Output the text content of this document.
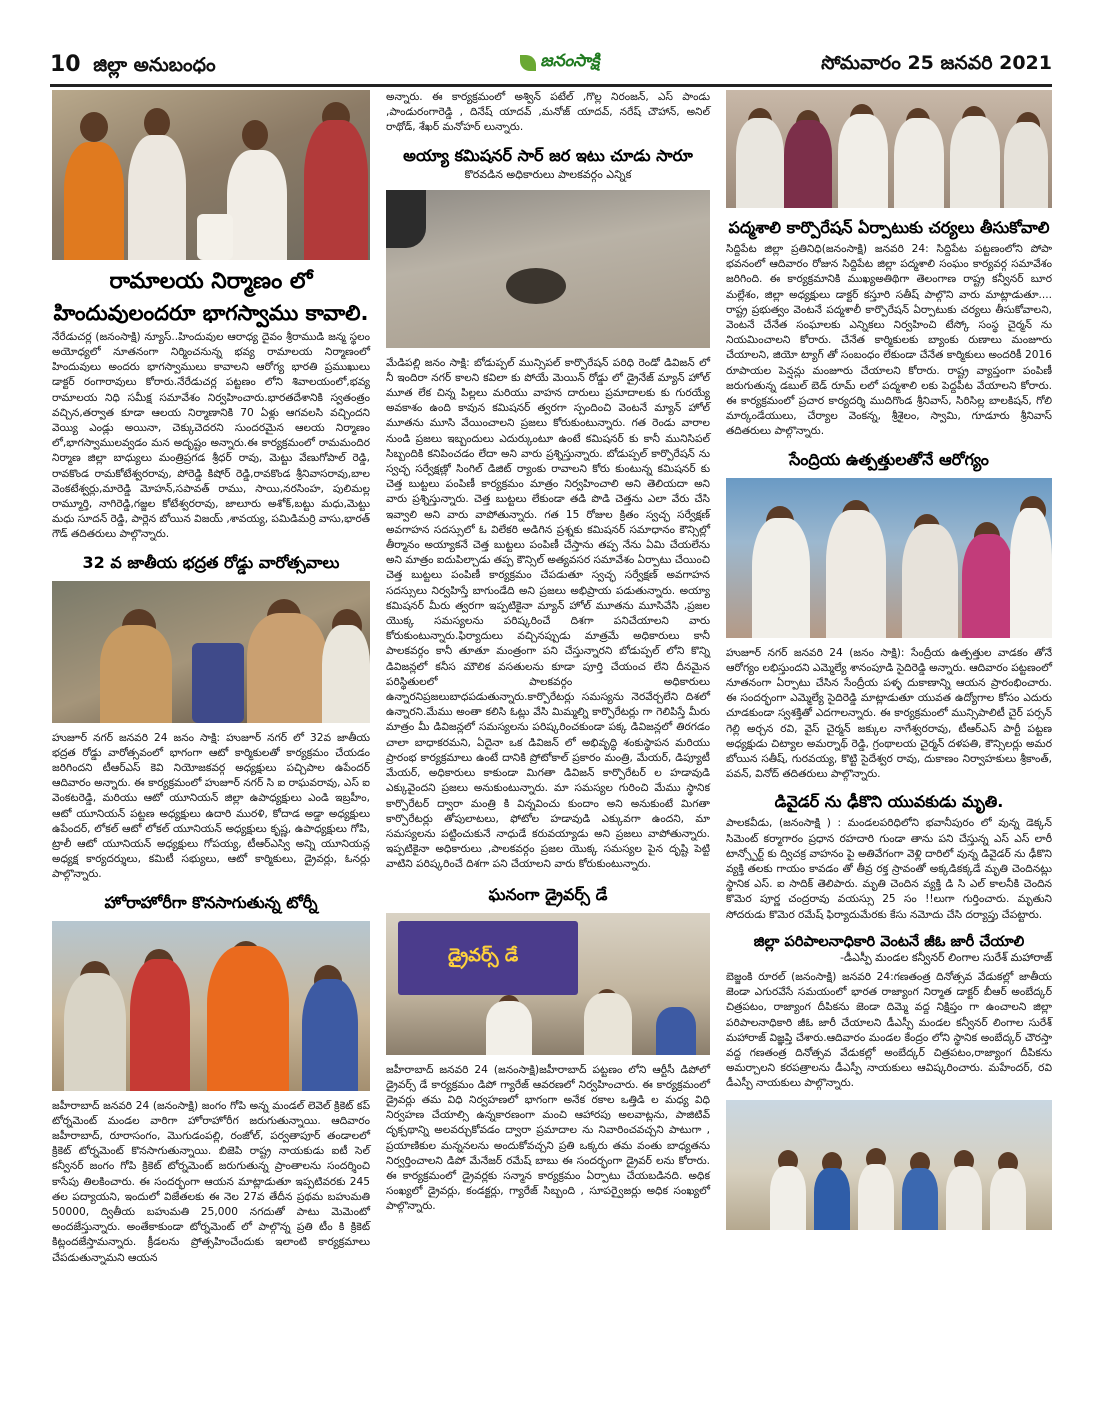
10 జిల్లా అనుబంధం	జనంసాక్షి	సోమవారం 25 జనవరి 2021
రామాలయ నిర్మాణం లో
హిందువులందరూ భాగస్వాము కావాలి.

నేరేడుచర్ల (జనంసాక్షి) న్యూస్..హిందువుల ఆరాధ్య దైవం శ్రీరాముడి జన్మ స్థలం అయోధ్యలో నూతనంగా నిర్మించనున్న భవ్య రామాలయ నిర్మాణంలో హిందువులు అందరు భాగస్వాములు కావాలని ఆరోగ్య భారతి ప్రముఖులు డాక్టర్ రంగారావులు కోరారు.నేరేడుచర్ల పట్టణం లోని శివాలయంలో,భవ్య రామాలయ నిధి సమీక్ష సమావేశం నిర్వహించారు.భారతదేశానికి స్వతంత్రం వచ్చిన,తర్వాత కూడా ఆలయ నిర్మాణానికి 70 ఏళ్లు ఆగవలసి వచ్చిందని వెయ్యి ఎండ్లు అయినా, చెక్కుచెదరని సుందరమైన ఆలయ నిర్మాణం లో,భాగస్వాములవ్వడం మన అదృష్టం అన్నారు.ఈ కార్యక్రమంలో రామమందిర నిర్మాణ జిల్లా బాధ్యులు మంత్రిప్రగడ శ్రీధర్ రావు, మెట్టు వేణుగోపాల్ రెడ్డి, రావకొండ రామకోటేశ్వరరావు, పోరెడ్డి కిషోర్ రెడ్డి,రావకొండ శ్రీనివాసరావు,బాల వెంకటేశ్వర్లు,మారెడ్డి మోహన్,సపావత్ రాము, సాయి,నరసింహ, పులిమల్ల రామ్మూర్తి, నాగిరెడ్డి,గజ్జల కోటేశ్వరరావు, జాలూరు అశోక్,బట్టు మధు,మెట్టు మధు సూదన్ రెడ్డి, పార్లెన బోయిన విజయ్ ,శావయ్య, పమిడిమర్రి వాసు,భారత్ గౌడ్ తదితరులు పాల్గొన్నారు.

32 వ జాతీయ భద్రత రోడ్డు వారోత్సవాలు

హుజూర్ నగర్ జనవరి 24 జనం సాక్షి: హుజూర్ నగర్ లో 32వ జాతీయ భద్రత రోడ్డు వారోత్సవంలో భాగంగా ఆటో కార్మికులతో కార్యక్రమం చేయడం జరిగిందని టీఆర్ఎస్ కెవి నియోజకవర్గ అధ్యక్షులు పచ్చిపాల ఉపేందర్ ఆదివారం అన్నారు. ఈ కార్యక్రమంలో హుజూర్ నగర్ సి ఐ రాఘవరావు, ఎస్ ఐ వెంకటరెడ్డి, మరియు ఆటో యూనియన్ జిల్లా ఉపాధ్యక్షులు ఎండి ఇబ్రహీం, ఆటో యూనియన్ పట్టణ అధ్యక్షులు ఉదారి మురళి, కోదాడ అడ్డా అధ్యక్షులు ఉపేందర్, లోకల్ ఆటో లోకల్ యూనియన్ అధ్యక్షులు కృష్ణ, ఉపాధ్యక్షులు గోపి, ట్రాలీ ఆటో యూనియన్ అధ్యక్షులు గోపయ్య, టీఆర్ఎస్వి అన్ని యూనియన్ల అధ్యక్ష కార్యదర్శులు, కమిటీ సభ్యులు, ఆటో కార్మికులు, డ్రైవర్లు, ఓనర్లు పాల్గొన్నారు.

హోరాహోరీగా కొనసాగుతున్న టోర్నీ

జహీరాబాద్ జనవరి 24 (జనంసాక్షి) జంగం గోపి అన్న మండల్ లెవెల్ క్రికెట్ కప్ టోర్నమెంట్ మండల వారిగా హోరాహోరీగ జరుగుతున్నాయి. ఆదివారం జహీరాబాద్, రూరాసంగం, మొగుడంపల్లి, రంజోల్, పర్వతాపూర్ తండాలలో క్రికెట్ టోర్నమెంట్ కొనసాగుతున్నాయి. బిజెపి రాష్ట్ర నాయకుడు ఐటీ సెల్ కన్వీనర్ జంగం గోపి క్రికెట్ టోర్నమెంట్ జరుగుతున్న ప్రాంతాలను సందర్శించి కాసేపు తిలకించారు. ఈ సందర్భంగా ఆయన మాట్లాడుతూ ఇప్పటివరకు 245 తల పద్యాయని, ఇందులో విజేతలకు ఈ నెల 27వ తేదీన ప్రథమ బహుమతి 50000, ద్వితీయ బహుమతి 25,000 నగదుతో పాటు మెమెంటో అందజేస్తున్నారు. అంతేకాకుండా టోర్నమెంట్ లో పాల్గొన్న ప్రతి టీం కి క్రికెట్ కిట్లందజేస్తామన్నారు. క్రీడలను ప్రోత్సహించేందుకు ఇలాంటి కార్యక్రమాలు చేపడుతున్నామని ఆయన

అన్నారు. ఈ కార్యక్రమంలో అశ్విన్ పటేల్ ,గొల్ల నిరంజన్, ఎస్ పాండు ,పాండురంగారెడ్డి , దినేష్ యాదవ్ ,మనోజ్ యాదవ్, నరేష్ చౌహాన్, అనిల్ రాథోడ్, శేఖర్ మనోహర్ లున్నారు.

అయ్యా కమిషనర్ సార్ జర ఇటు చూడు సారూ
కొరవడిన అధికారులు పాలకవర్గం ఎన్నిక

మేడిపల్లి జనం సాక్షి: బోడుప్పల్ మున్సిపల్ కార్పొరేషన్ పరిధి రెండో డివిజన్ లో నీ ఇందిరా నగర్ కాలని కవిలా కు పోయే మెయిన్ రోడ్డు లో డ్రైనేజ్ మ్యాన్ హోల్ మూత లేక చిన్న పిల్లలు మరియు వాహన దారులు ప్రమాదాలకు కు గురయ్యే అవకాశం ఉంది కావున కమిషనర్ త్వరగా స్పందించి వెంటనే మ్యాన్ హోల్ మూతను మూసి వేయించాలని ప్రజలు కోరుకుంటున్నారు. గత రెండు వారాల నుండి ప్రజలు ఇబ్బందులు ఎదుర్కుంటూ ఉంటే కమిషనర్ కు కానీ మునిసిపల్ సిబ్బందికి కనిపించడం లేదా అని వారు ప్రశ్నిస్తున్నారు. బోడుప్పల్ కార్పొరేషన్ ను స్వచ్ఛ సర్వేక్షణ్లో సింగిల్ డిజిట్ ర్యాంకు రావాలని కోరు కుంటున్న కమిషనర్ కు చెత్త బుట్టలు పంపిణీ కార్యక్రమం మాత్రం నిర్వహించాలి అని తెలియదా అని వారు ప్రశ్నిస్తున్నారు. చెత్త బుట్టలు లేకుండా తడి పొడి చెత్తను ఎలా వేరు చేసి ఇవ్వాలి అని వారు వాపోతున్నారు. గత 15 రోజుల క్రితం స్వచ్ఛ సర్వేక్షణ్ అవగాహన సదస్సులో ఓ విలేకరి అడిగిన ప్రశ్నకు కమిషనర్ సమాధానం కౌన్సిల్లో తీర్మానం అయ్యాకనే చెత్త బుట్టలు పంపిణీ చేస్తాను తప్ప నేను ఏమి చేయలేను అని మాత్రం ఐదుపిల్చాడు తప్ప కౌన్సిల్ అత్యవసర సమావేశం ఏర్పాటు చేయించి చెత్త బుట్టలు పంపిణీ కార్యక్రమం చేపడుతూ స్వచ్ఛ సర్వేక్షణ్ అవగాహన సదస్సులు నిర్వహిస్తే బాగుండేది అని ప్రజలు అభిప్రాయ పడుతున్నారు. అయ్యా కమిషనర్ మీరు త్వరగా ఇప్పటికైనా మ్యాన్ హోల్ మూతను మూసివేసి ,ప్రజల యొక్క సమస్యలను పరిష్కరించే దిశగా పనిచేయాలని వారు కోరుకుంటున్నారు.ఫిర్యాదులు వచ్చినప్పుడు మాత్రమే అధికారులు కానీ పాలకవర్గం కానీ తూతూ మంత్రంగా పని చేస్తున్నారని బోడుప్పల్ లోని కొన్ని డివిజన్లలో కనీస మౌలిక వసతులను కూడా పూర్తి చేయంచ లేని దీనమైన పరిస్థితులలో పాలకవర్గం అధికారులు ఉన్నారనిప్రజలుబాధపడుతున్నారు.కార్పొరేటర్లు సమస్యను నెరవేర్చలేని దిశలో ఉన్నారని.మేము అంతా కలిసి ఓట్లు వేసి మిమ్మల్ని కార్పొరేటర్లు గా గెలిపిస్తే మీరు మాత్రం మీ డివిజన్లలో సమస్యలను పరిష్కరించకుండా పక్క డివిజన్లలో తిరగడం చాలా బాధాకరమని, ఏదైనా ఒక డివిజన్ లో అభివృద్ధి శంకుస్థాపన మరియు ప్రారంభ కార్యక్రమాలు ఉంటే దానికి ప్రోటోకాల్ ప్రకారం మంత్రి, మేయర్, డిప్యూటీ మేయర్, అధికారులు కాకుండా మిగతా డివిజన్ కార్పొరేటర్ ల హడావుడి ఎక్కువైందని ప్రజలు అనుకుంటున్నారు. మా సమస్యల గురించి మేము స్థానిక కార్పొరేటర్ ద్వారా మంత్రి కి విన్నవించు కుందాం అని అనుకుంటే మిగతా కార్పొరేటర్లు తోపులాటలు, ఫోటోల హడావుడి ఎక్కువగా ఉందని, మా సమస్యలను పట్టించుకునే నాధుడే కరువయ్యాడు అని ప్రజలు వాపోతున్నారు. ఇప్పటికైనా అధికారులు ,పాలకవర్గం ప్రజల యొక్క సమస్యల పైన దృష్టి పెట్టి వాటిని పరిష్కరించే దిశగా పని చేయాలని వారు కోరుకుంటున్నారు.

ఘనంగా డ్రైవర్స్ డే
డ్రైవర్స్ డే

జహీరాబాద్ జనవరి 24 (జనంసాక్షి)జహీరాబాద్ పట్టణం లోని ఆర్టీసీ డిపోలో డ్రైవర్స్ డే కార్యక్రమం డిపో గ్యారేజ్ ఆవరణలో నిర్వహించారు. ఈ కార్యక్రమంలో డ్రైవర్లు తమ విధి నిర్వహణలో భాగంగా అనేక రకాల ఒత్తిడి ల మధ్య విధి నిర్వహణ చేయాల్సి ఉన్నకారణంగా మంచి ఆహారపు అలవాట్లను, పాజిటివ్ దృక్పథాన్ని అలవర్చుకోవడం ద్వారా ప్రమాదాల ను నివారించవచ్చని పాటుగా , ప్రయాణికుల మన్ననలను అందుకోవచ్చని ప్రతి ఒక్కరు తమ వంతు బాధ్యతను నిర్వర్తించాలని డిపో మేనేజర్ రమేష్ బాబు ఈ సందర్భంగా డ్రైవర్ లను కోరారు. ఈ కార్యక్రమంలో డ్రైవర్లకు సన్మాన కార్యక్రమం ఏర్పాటు చేయబడినది. అధిక సంఖ్యలో డ్రైవర్లు, కండక్టర్లు, గ్యారేజ్ సిబ్బంది , సూపర్వైజర్లు అధిక సంఖ్యలో పాల్గొన్నారు.

పద్మశాలి కార్పొరేషన్ ఏర్పాటుకు చర్యలు తీసుకోవాలి

సిద్దిపేట జిల్లా ప్రతినిధి(జనంసాక్షి) జనవరి 24: సిద్దిపేట పట్టణంలోని పోపా భవనంలో ఆదివారం రోజున సిద్దిపేట జిల్లా పద్మశాలి సంఘం కార్యవర్గ సమావేశం జరిగింది. ఈ కార్యక్రమానికి ముఖ్యఅతిథిగా తెలంగాణ రాష్ట్ర కన్వీనర్ బూర మల్లేశం, జిల్లా అధ్యక్షులు డాక్టర్ కస్తూరి సతీష్ పాల్గొని వారు మాట్లాడుతూ.... రాష్ట్ర ప్రభుత్వం వెంటనే పద్మశాలీ కార్పొరేషన్ ఏర్పాటుకు చర్యలు తీసుకోవాలని, వెంటనే చేనేత సంఘాలకు ఎన్నికలు నిర్వహించి టేస్కో సంస్థ చైర్మన్ ను నియమించాలని కోరారు. చేనేత కార్మికులకు బ్యాంకు రుణాలు మంజూరు చేయాలని, జియో ట్యాగ్ తో సంబంధం లేకుండా చేనేత కార్మికులు అందరికీ 2016 రూపాయల పెన్షన్లు మంజూరు చేయాలని కోరారు. రాష్ట్ర వ్యాప్తంగా పంపిణీ జరుగుతున్న డబుల్ బెడ్ రూమ్ లలో పద్మశాలి లకు పెద్దపీట వేయాలని కోరారు. ఈ కార్యక్రమంలో ప్రచార కార్యదర్శి ముదిగొండ శ్రీనివాస్, సిరిసిల్ల బాలకిషన్, గోలి మార్కండేయులు, చేర్యాల వెంకన్న, శ్రీశైలం, స్వామి, గూడూరు శ్రీనివాస్ తదితరులు పాల్గొన్నారు.

సేంద్రియ ఉత్పత్తులతోనే ఆరోగ్యం

హుజూర్ నగర్ జనవరి 24 (జనం సాక్షి): సేంద్రీయ ఉత్పత్తుల వాడకం తోనే ఆరోగ్యం లభిస్తుందని ఎమ్మెల్యే శానంపూడి సైదిరెడ్డి అన్నారు. ఆదివారం పట్టణంలో నూతనంగా ఏర్పాటు చేసిన సేంద్రీయ పళ్ళ దుకాణాన్ని ఆయన ప్రారంభించారు. ఈ సందర్భంగా ఎమ్మెల్యే సైదిరెడ్డి మాట్లాడుతూ యువత ఉద్యోగాల కోసం ఎదురు చూడకుండా స్వశక్తితో ఎదగాలన్నారు. ఈ కార్యక్రమంలో మున్సిపాలిటీ చైర్ పర్సన్ గెల్లి అర్చన రవి, వైస్ చైర్మన్ జక్కుల నాగేశ్వరరావు, టీఆర్ఎస్ పార్టీ పట్టణ అధ్యక్షుడు చిట్యాల అమర్నాథ్ రెడ్డి, గ్రంథాలయ చైర్మన్ దళపతి, కౌన్సిలర్లు అమర బోయిన సతీష్, గురవయ్య, కొట్టి సైదేశ్వర రావు, దుకాణం నిర్వాహకులు శ్రీకాంత్, పవన్, వినోద్ తదితరులు పాల్గొన్నారు.

డివైడర్ ను ఢీకొని యువకుడు మృతి.

పాలకవీడు, (జనంసాక్షి ) : మండలపరిధిలోని భవానీపురం లో వున్న డెక్కన్ సిమెంట్ కర్మాగారం ప్రధాన రహదారి గుండా తాను పని చేస్తున్న ఎస్ ఎస్ లారీ టాన్స్పోర్ట్ కు ద్విచక్ర వాహనం పై అతివేగంగా వెళ్లి దారిలో వున్న డివైడర్ ను ఢీకొని వ్యక్తి తలకు గాయం కావడం తో తీవ్ర రక్త స్రావంతో అక్కడికక్కడే మృతి చెందినట్లు స్థానిక ఎస్. ఐ సాదిక్ తెలిపారు. మృతి చెందిన వ్యక్తి డి సి ఎల్ కాలనీకి చెందిన కొమెర పూర్ణ చంద్రరావు వయస్సు 25 సం !!లుగా గుర్తించారు. మృతుని సోదరుడు కొమెర రమేష్ ఫిర్యాదుమేరకు కేసు నమోదు చేసి దర్యాప్తు చేపట్టారు.

జిల్లా పరిపాలనాధికారి వెంటనే జీఓ జారీ చేయాలి
-డీఎస్పీ మండల కన్వీనర్ లింగాల సురేశ్ మహారాజ్

బెజ్జంకి రూరల్ (జనంసాక్షి) జనవరి 24:గణతంత్ర దినోత్సవ వేడుకల్లో జాతీయ జెండా ఎగురవేసే సమయంలో భారత రాజ్యాంగ నిర్మాత డాక్టర్ బీఆర్ అంబేద్కర్ చిత్రపటం, రాజ్యాంగ దీపికను జెండా దిమ్మె వద్ద నిక్షిప్తం గా ఉంచాలని జిల్లా పరిపాలనాధికారి జీఓ జారీ చేయాలని డీఎస్పీ మండల కన్వీనర్ లింగాల సురేశ్ మహారాజ్ విజ్ఞప్తి చేశారు.ఆదివారం మండల కేంద్రం లోని స్థానిక అంబేద్కర్ చౌరస్తా వద్ద గణతంత్ర దినోత్సవ వేడుకల్లో అంబేద్కర్ చిత్రపటం,రాజ్యాంగ దీపికను అమర్చాలని కరపత్రాలను డీఎస్పీ నాయకులు ఆవిష్కరించారు. మహేందర్, రవి డీఎస్పీ నాయకులు పాల్గొన్నారు.
